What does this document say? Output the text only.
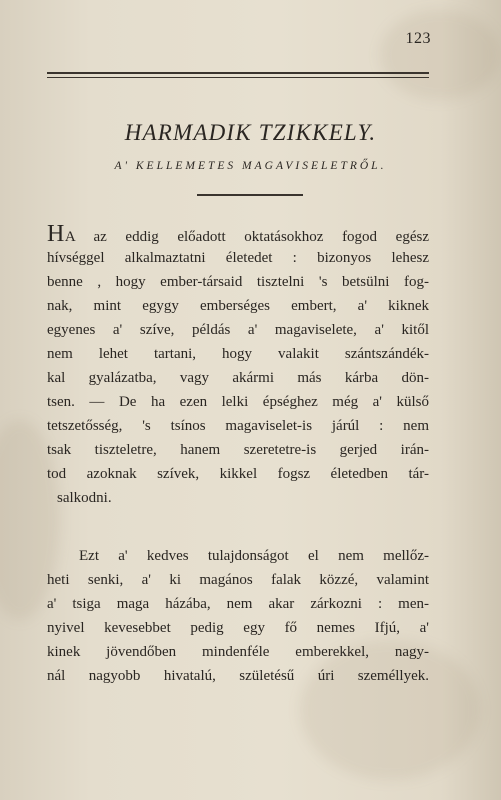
123
HARMADIK TZIKKELY.
A' KELLEMETES MAGAVISELETRŐL.
HA az eddig előadott oktatásokhoz fogod egész
hívséggel alkalmaztatni életedet : bizonyos lehesz
benne , hogy ember-társaid tisztelni 's betsülni fog-
nak, mint egygy emberséges embert, a' kiknek
egyenes a' szíve, példás a' magaviselete, a' kitől
nem lehet tartani, hogy valakit szántszándék-
kal gyalázatba, vagy akármi más kárba dön-
tsen. — De ha ezen lelki épséghez még a' külső
tetszetősség, 's tsínos magaviselet-is járúl : nem
tsak tiszteletre, hanem szeretetre-is gerjed irán-
tod azoknak szívek, kikkel fogsz életedben tár-
salkodni.
Ezt a' kedves tulajdonságot el nem mellőz-
heti senki, a' ki magános falak közzé, valamint
a' tsiga maga házába, nem akar zárkozni : men-
nyivel kevesebbet pedig egy fő nemes Ifjú, a'
kinek jövendőben mindenféle emberekkel, nagy-
nál nagyobb hivatalú, születésű úri személlyek.
